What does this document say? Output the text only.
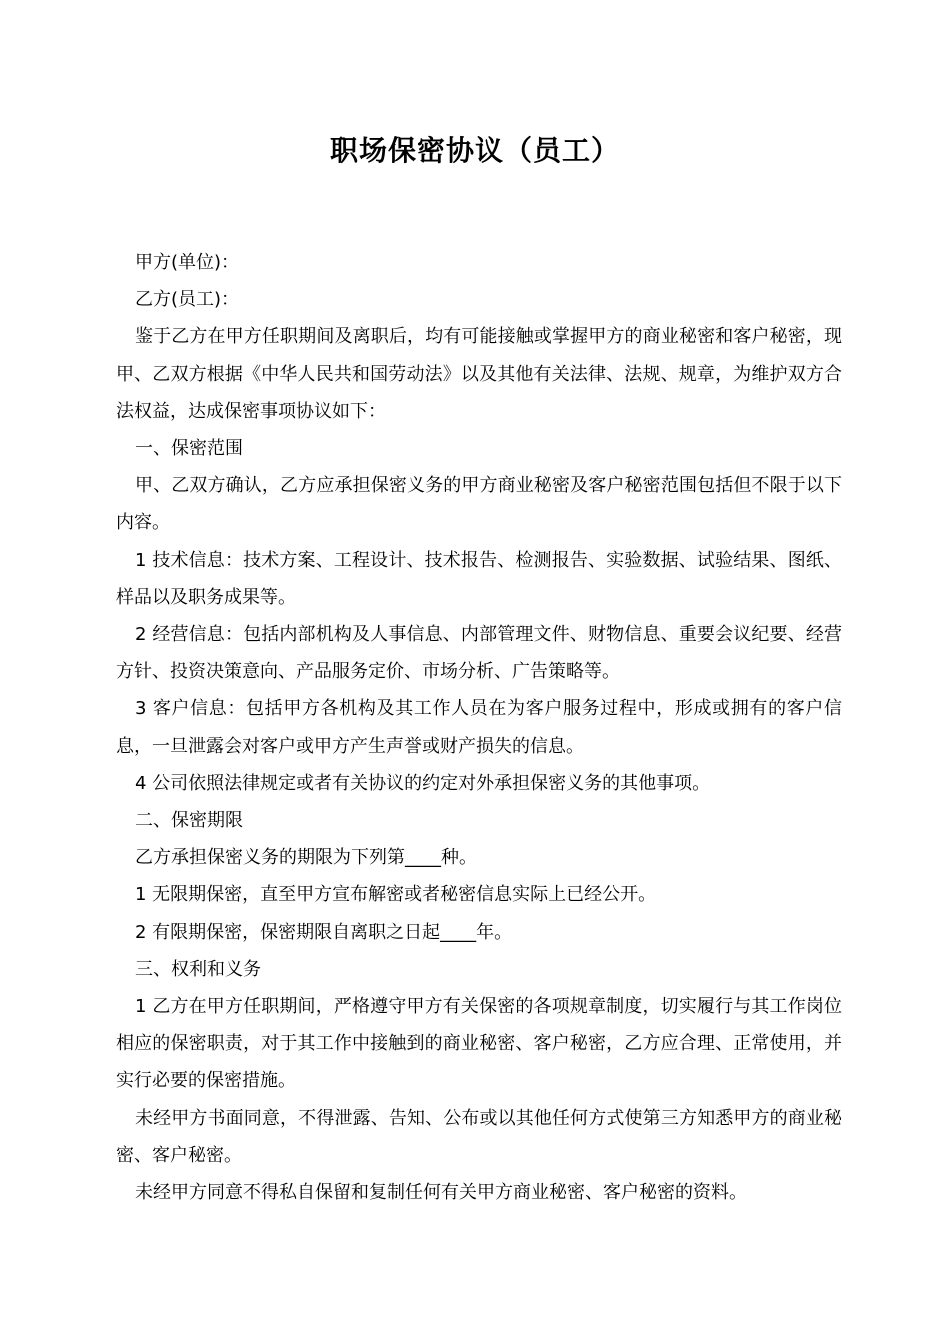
职场保密协议（员工）

甲方(单位)：

乙方(员工)：

鉴于乙方在甲方任职期间及离职后，均有可能接触或掌握甲方的商业秘密和客户秘密，现甲、乙双方根据《中华人民共和国劳动法》以及其他有关法律、法规、规章，为维护双方合法权益，达成保密事项协议如下：

一、保密范围

甲、乙双方确认，乙方应承担保密义务的甲方商业秘密及客户秘密范围包括但不限于以下内容。

1 技术信息：技术方案、工程设计、技术报告、检测报告、实验数据、试验结果、图纸、样品以及职务成果等。

2 经营信息：包括内部机构及人事信息、内部管理文件、财物信息、重要会议纪要、经营方针、投资决策意向、产品服务定价、市场分析、广告策略等。

3 客户信息：包括甲方各机构及其工作人员在为客户服务过程中，形成或拥有的客户信息，一旦泄露会对客户或甲方产生声誉或财产损失的信息。

4 公司依照法律规定或者有关协议的约定对外承担保密义务的其他事项。

二、保密期限

乙方承担保密义务的期限为下列第____种。

1 无限期保密，直至甲方宣布解密或者秘密信息实际上已经公开。

2 有限期保密，保密期限自离职之日起____年。

三、权利和义务

1 乙方在甲方任职期间，严格遵守甲方有关保密的各项规章制度，切实履行与其工作岗位相应的保密职责，对于其工作中接触到的商业秘密、客户秘密，乙方应合理、正常使用，并实行必要的保密措施。

未经甲方书面同意，不得泄露、告知、公布或以其他任何方式使第三方知悉甲方的商业秘密、客户秘密。

未经甲方同意不得私自保留和复制任何有关甲方商业秘密、客户秘密的资料。
